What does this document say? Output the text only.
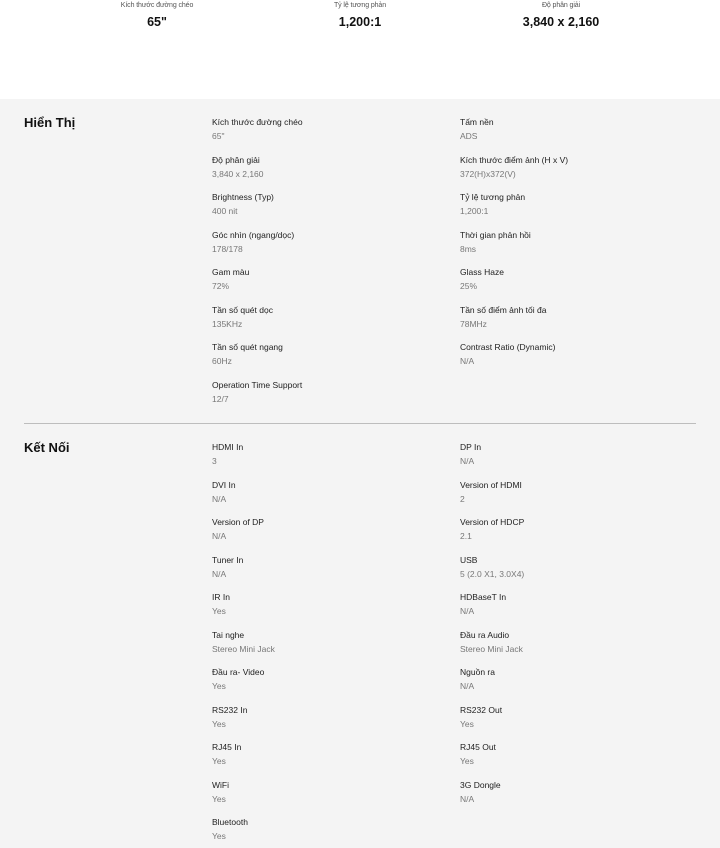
Kích thước đường chéo
65"
Tỷ lệ tương phản
1,200:1
Độ phân giải
3,840 x 2,160
Hiển Thị	Kích thước đường chéo
65"
Độ phân giải
3,840 x 2,160
Brightness (Typ)
400 nit
Góc nhìn (ngang/dọc)
178/178
Gam màu
72%
Tần số quét dọc
135KHz
Tần số quét ngang
60Hz
Operation Time Support
12/7
Tấm nền
ADS
Kích thước điểm ảnh (H x V)
372(H)x372(V)
Tỷ lệ tương phản
1,200:1
Thời gian phản hồi
8ms
Glass Haze
25%
Tần số điểm ảnh tối đa
78MHz
Contrast Ratio (Dynamic)
N/A
Kết Nối	HDMI In
3
DVI In
N/A
Version of DP
N/A
Tuner In
N/A
IR In
Yes
Tai nghe
Stereo Mini Jack
Đầu ra- Video
Yes
RS232 In
Yes
RJ45 In
Yes
WiFi
Yes
Bluetooth
Yes
DP In
N/A
Version of HDMI
2
Version of HDCP
2.1
USB
5 (2.0 X1, 3.0X4)
HDBaseT In
N/A
Đầu ra Audio
Stereo Mini Jack
Nguồn ra
N/A
RS232 Out
Yes
RJ45 Out
Yes
3G Dongle
N/A
